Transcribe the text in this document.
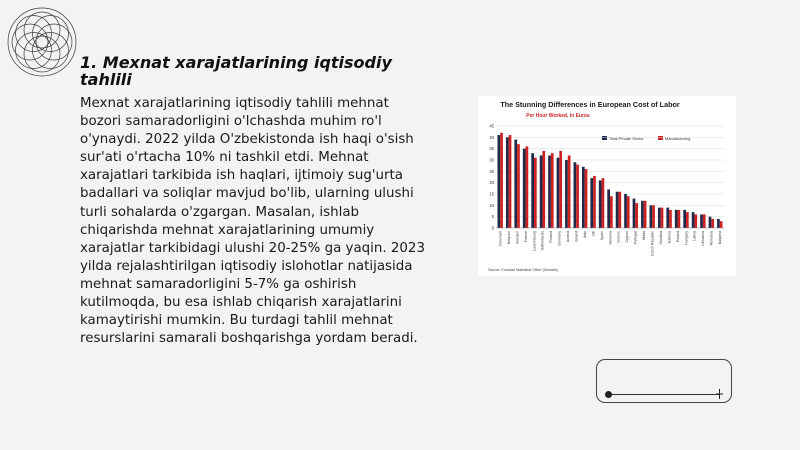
1. Mexnat xarajatlarining iqtisodiy tahlili
Mexnat xarajatlarining iqtisodiy tahlili mehnat bozori samaradorligini o'lchashda muhim ro'l o'ynaydi. 2022 yilda O'zbekistonda ish haqi o'sish sur'ati o'rtacha 10% ni tashkil etdi. Mehnat xarajatlari tarkibida ish haqlari, ijtimoiy sug'urta badallari va soliqlar mavjud bo'lib, ularning ulushi turli sohalarda o'zgargan. Masalan, ishlab chiqarishda mehnat xarajatlarining umumiy xarajatlar tarkibidagi ulushi 20-25% ga yaqin. 2023 yilda rejalashtirilgan iqtisodiy islohotlar natijasida mehnat samaradorligini 5-7% ga oshirish kutilmoqda, bu esa ishlab chiqarish xarajatlarini kamaytirishi mumkin. Bu turdagi tahlil mehnat resurslarini samarali boshqarishga yordam beradi.
The Stunning Differences in European Cost of Labor
Per Hour Worked, in Euros
Total Private Sector	Manufacturing
0
5
10
15
20
25
30
35
40
45
Denmark Belgium Sweden France Luxembourg Netherlands Finland Germany Austria Ireland Italy UK Spain Slovenia Greece Cyprus Portugal Malta Czech Republic Slovakia Estonia Poland Hungary Latvia Lithuania Romania Bulgaria
Source: Eurostat Statistical Office (Destatis)
